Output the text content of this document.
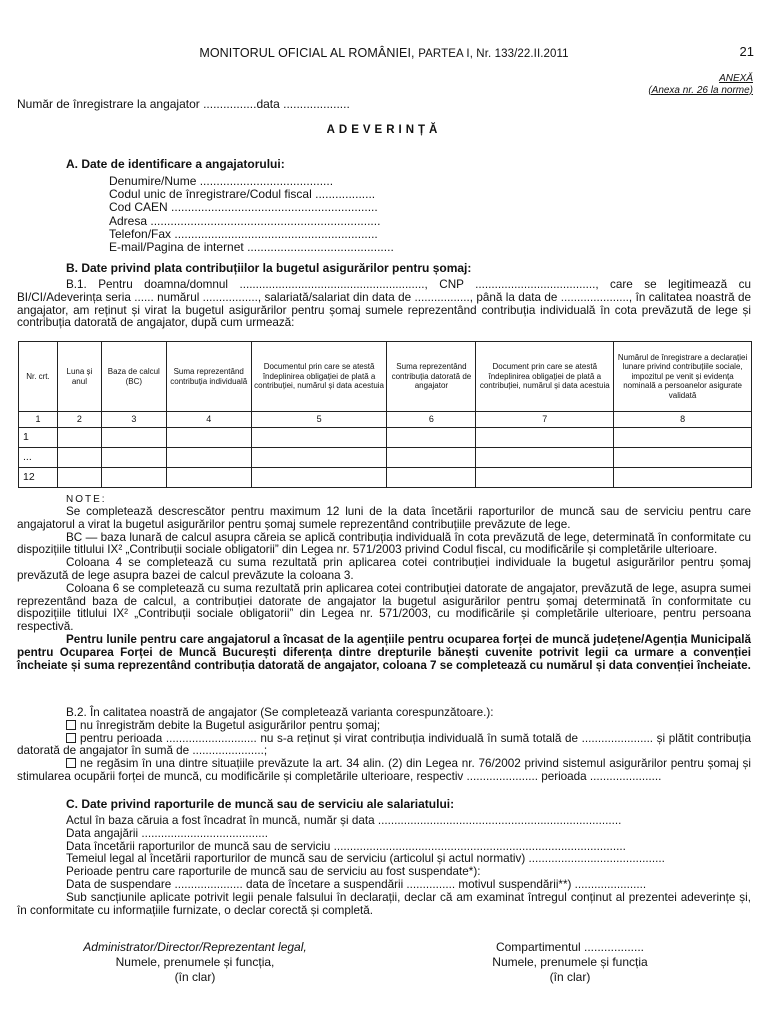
MONITORUL OFICIAL AL ROMÂNIEI, PARTEA I, Nr. 133/22.II.2011	21
ANEXĂ
(Anexa nr. 26 la norme)
Număr de înregistrare la angajator ................data ....................
ADEVERINȚĂ
A. Date de identificare a angajatorului:
Denumire/Nume ........................................
Codul unic de înregistrare/Codul fiscal ..................
Cod CAEN ..............................................................
Adresa .....................................................................
Telefon/Fax .............................................................
E-mail/Pagina de internet ............................................
B. Date privind plata contribuțiilor la bugetul asigurărilor pentru șomaj:

B.1. Pentru doamna/domnul ........................................................., CNP ....................................., care se legitimează cu BI/CI/Adeverința seria ...... numărul ................., salariată/salariat din data de ................., până la data de ....................., în calitatea noastră de angajator, am reținut și virat la bugetul asigurărilor pentru șomaj sumele reprezentând contribuția individuală în cota prevăzută de lege și contribuția datorată de angajator, după cum urmează:

Nr. crt.	Luna și anul	Baza de calcul (BC)	Suma reprezentând contribuția individuală	Documentul prin care se atestă îndeplinirea obligației de plată a contribuției, numărul și data acestuia	Suma reprezentând contribuția datorată de angajator	Document prin care se atestă îndeplinirea obligației de plată a contribuției, numărul și data acestuia	Numărul de înregistrare a declarației lunare privind contribuțiile sociale, impozitul pe venit și evidența nominală a persoanelor asigurate validată
1	2	3	4	5	6	7	8
1							
...							
12							
NOTE:

Se completează descrescător pentru maximum 12 luni de la data încetării raporturilor de muncă sau de serviciu pentru care angajatorul a virat la bugetul asigurărilor pentru șomaj sumele reprezentând contribuțiile prevăzute de lege.

BC — baza lunară de calcul asupra căreia se aplică contribuția individuală în cota prevăzută de lege, determinată în conformitate cu dispozițiile titlului IX² „Contribuții sociale obligatorii” din Legea nr. 571/2003 privind Codul fiscal, cu modificările și completările ulterioare.

Coloana 4 se completează cu suma rezultată prin aplicarea cotei contribuției individuale la bugetul asigurărilor pentru șomaj prevăzută de lege asupra bazei de calcul prevăzute la coloana 3.

Coloana 6 se completează cu suma rezultată prin aplicarea cotei contribuției datorate de angajator, prevăzută de lege, asupra sumei reprezentând baza de calcul, a contribuției datorate de angajator la bugetul asigurărilor pentru șomaj determinată în conformitate cu dispozițiile titlului IX² „Contribuții sociale obligatorii” din Legea nr. 571/2003, cu modificările și completările ulterioare, pentru persoana respectivă.

Pentru lunile pentru care angajatorul a încasat de la agențiile pentru ocuparea forței de muncă județene/Agenția Municipală pentru Ocuparea Forței de Muncă București diferența dintre drepturile bănești cuvenite potrivit legii ca urmare a convenției încheiate și suma reprezentând contribuția datorată de angajator, coloana 7 se completează cu numărul și data convenției încheiate.

B.2. În calitatea noastră de angajator (Se completează varianta corespunzătoare.):

nu înregistrăm debite la Bugetul asigurărilor pentru șomaj;

pentru perioada ............................ nu s-a reținut și virat contribuția individuală în sumă totală de ...................... și plătit contribuția datorată de angajator în sumă de ......................;

ne regăsim în una dintre situațiile prevăzute la art. 34 alin. (2) din Legea nr. 76/2002 privind sistemul asigurărilor pentru șomaj și stimularea ocupării forței de muncă, cu modificările și completările ulterioare, respectiv ...................... perioada ......................

C. Date privind raporturile de muncă sau de serviciu ale salariatului:

Actul în baza căruia a fost încadrat în muncă, număr și data ...........................................................................

Data angajării .......................................

Data încetării raporturilor de muncă sau de serviciu ..........................................................................................

Temeiul legal al încetării raporturilor de muncă sau de serviciu (articolul și actul normativ) ..........................................

Perioade pentru care raporturile de muncă sau de serviciu au fost suspendate*):

Data de suspendare ..................... data de încetare a suspendării ............... motivul suspendării**) ......................

Sub sancțiunile aplicate potrivit legii penale falsului în declarații, declar că am examinat întregul conținut al prezentei adeverințe și, în conformitate cu informațiile furnizate, o declar corectă și completă.

Administrator/Director/Reprezentant legal,
Numele, prenumele și funcția,
(în clar)
Compartimentul ..................
Numele, prenumele și funcția
(în clar)
